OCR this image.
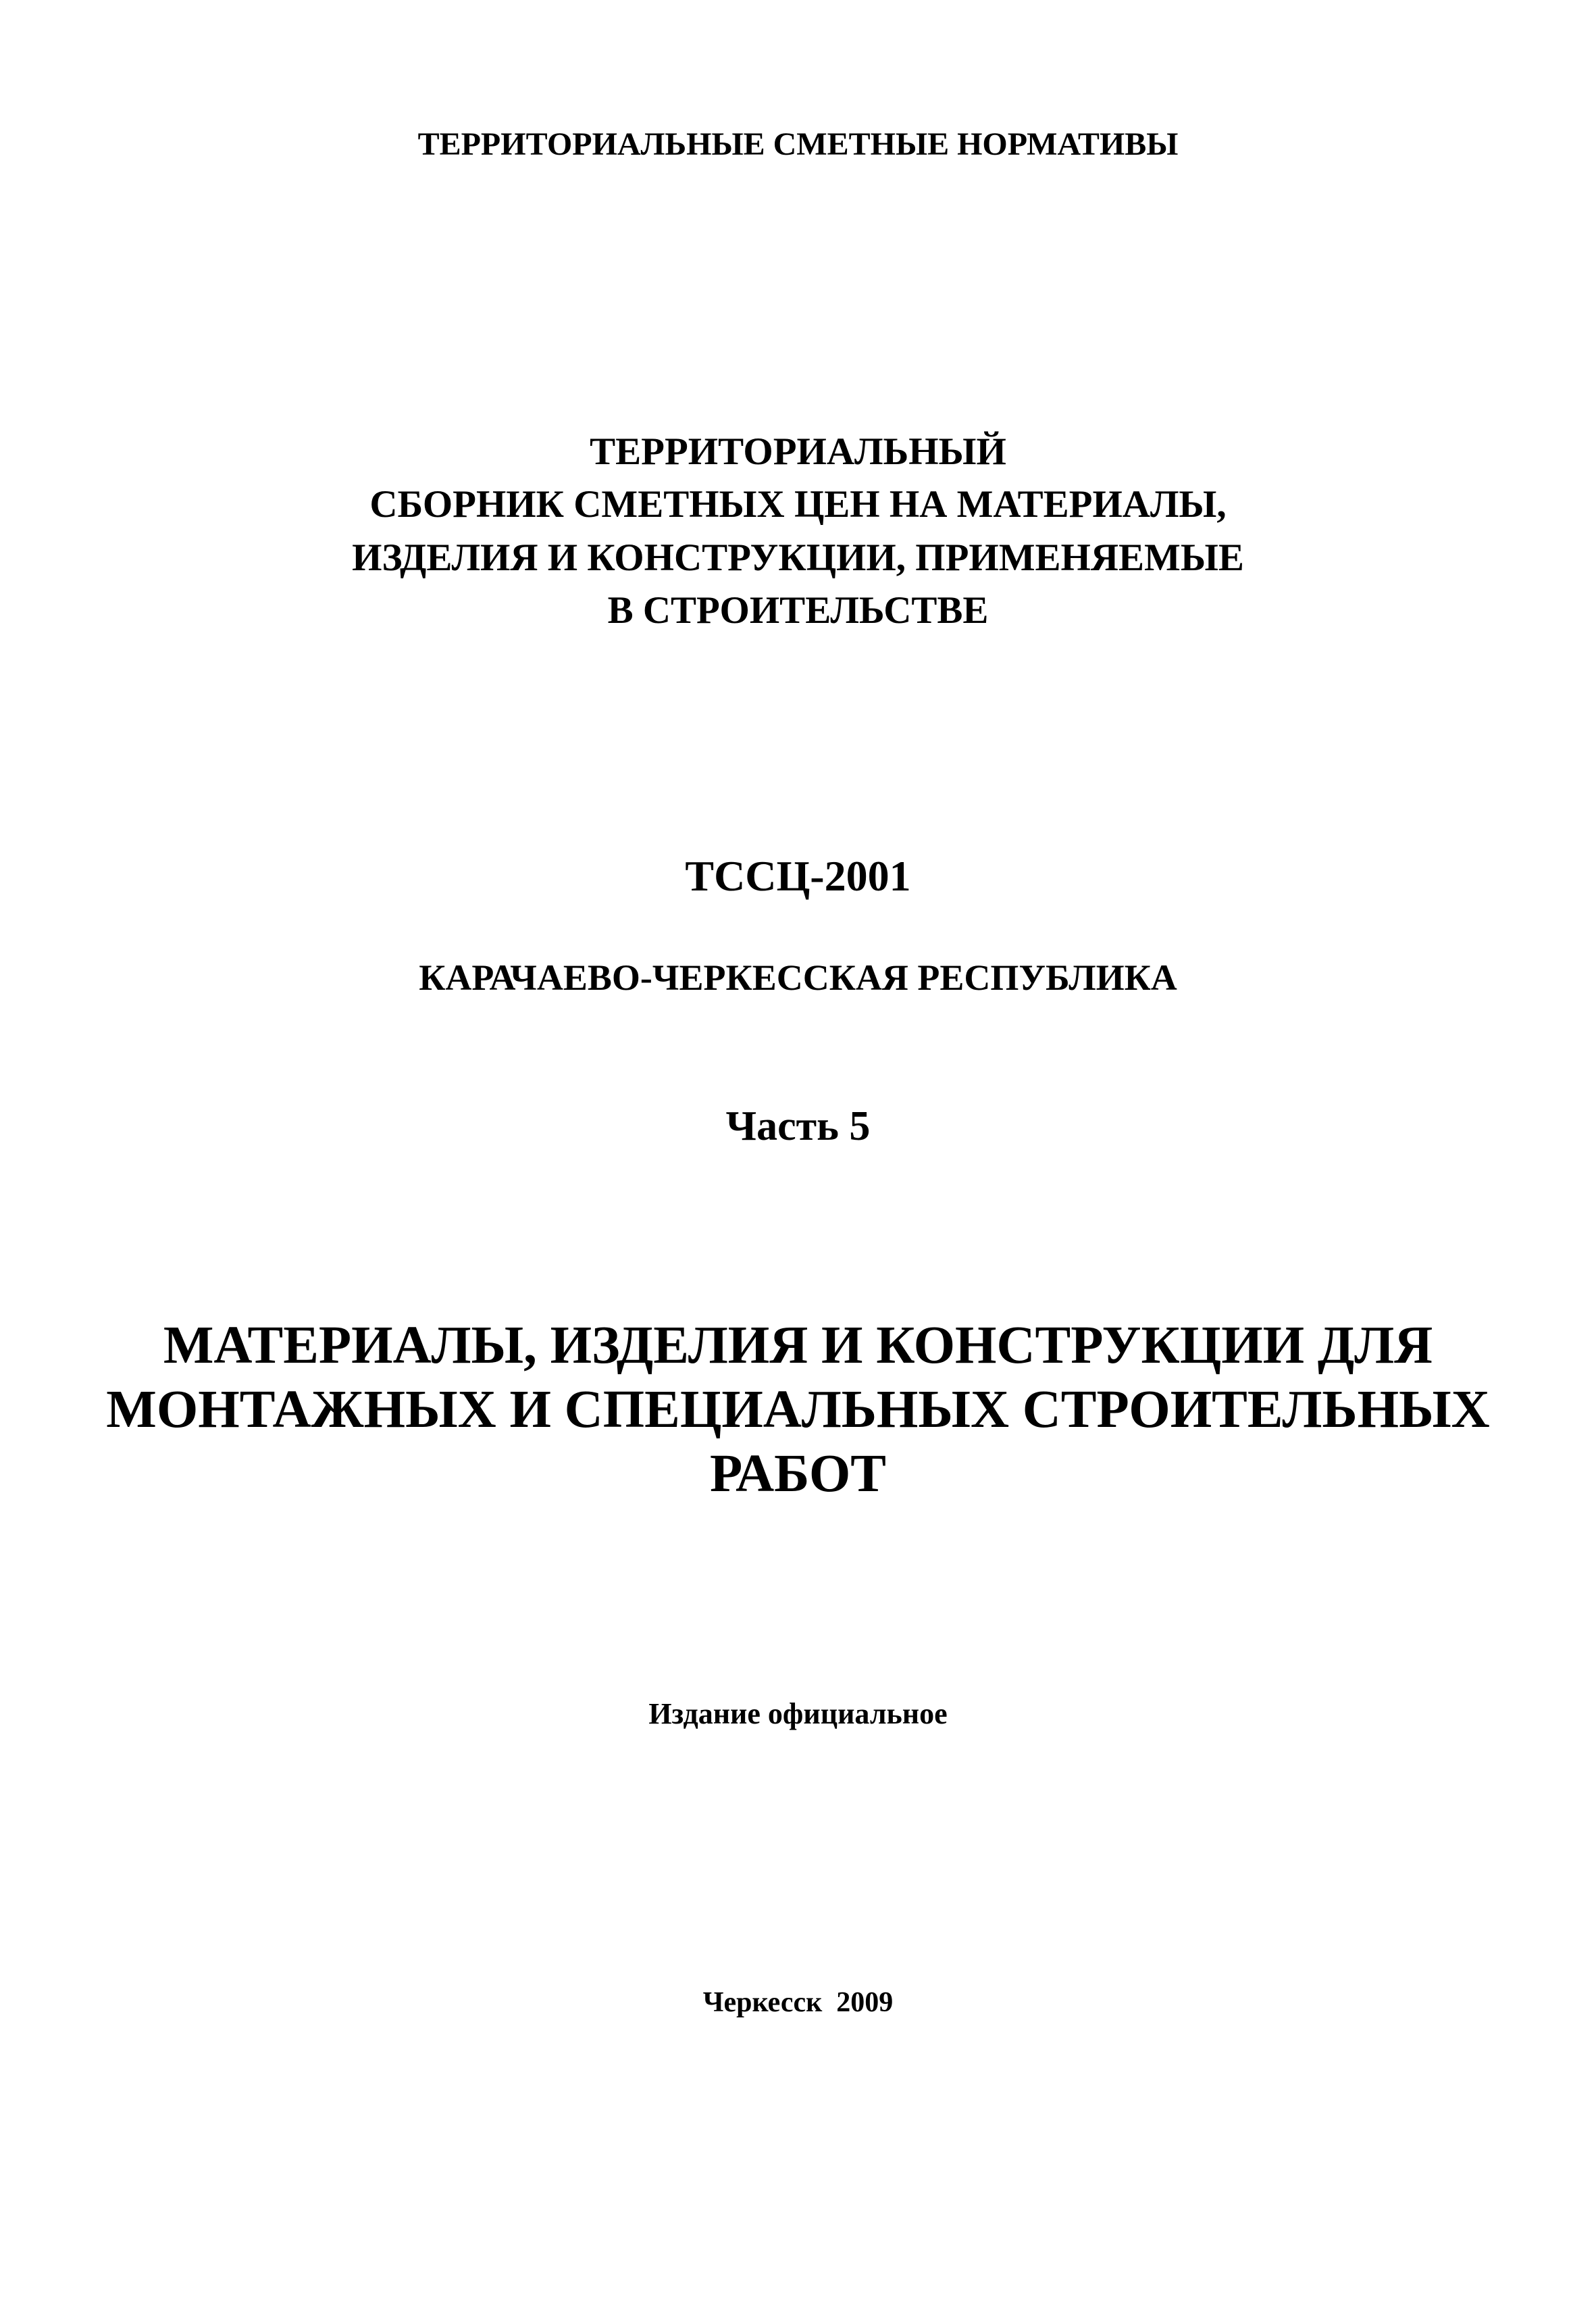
ТЕРРИТОРИАЛЬНЫЕ СМЕТНЫЕ НОРМАТИВЫ
ТЕРРИТОРИАЛЬНЫЙ
СБОРНИК СМЕТНЫХ ЦЕН НА МАТЕРИАЛЫ,
ИЗДЕЛИЯ И КОНСТРУКЦИИ, ПРИМЕНЯЕМЫЕ
В СТРОИТЕЛЬСТВЕ
ТССЦ-2001
КАРАЧАЕВО-ЧЕРКЕССКАЯ РЕСПУБЛИКА
Часть 5
МАТЕРИАЛЫ, ИЗДЕЛИЯ И КОНСТРУКЦИИ ДЛЯ
МОНТАЖНЫХ И СПЕЦИАЛЬНЫХ СТРОИТЕЛЬНЫХ
РАБОТ
Издание официальное
Черкесск  2009
